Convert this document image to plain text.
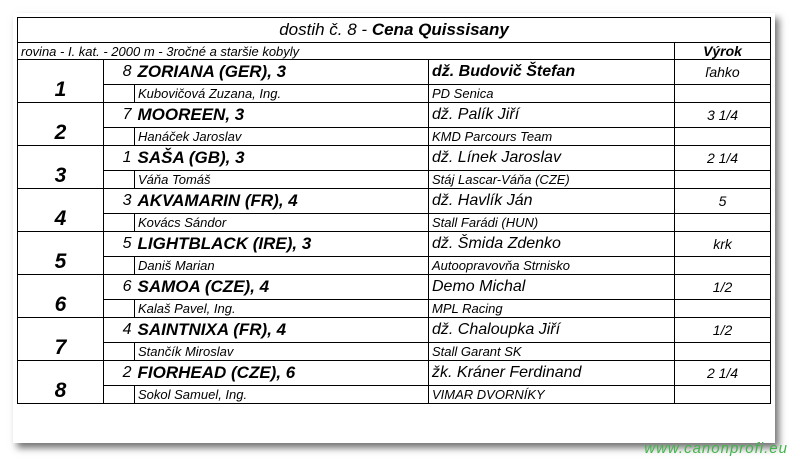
dostih č. 8 - Cena Quissisany				
rovina - I. kat. - 2000 m - 3ročné a staršie kobyly				Výrok
1	8	ZORIANA (GER), 3	dž. Budovič Štefan	ľahko
		Kubovičová Zuzana, Ing.	PD Senica	
2	7	MOOREEN, 3	dž. Palík Jiří	3 1/4
		Hanáček Jaroslav	KMD Parcours Team	
3	1	SAŠA (GB), 3	dž. Línek Jaroslav	2 1/4
		Váňa Tomáš	Stáj Lascar-Váňa (CZE)	
4	3	AKVAMARIN (FR), 4	dž. Havlík Ján	5
		Kovács Sándor	Stall Farádi (HUN)	
5	5	LIGHTBLACK (IRE), 3	dž. Šmida Zdenko	krk
		Daniš Marian	Autoopravovňa Strnisko	
6	6	SAMOA (CZE), 4	Demo Michal	1/2
		Kalaš Pavel, Ing.	MPL Racing	
7	4	SAINTNIXA (FR), 4	dž. Chaloupka Jiří	1/2
		Stančík Miroslav	Stall Garant SK	
8	2	FIORHEAD (CZE), 6	žk. Kráner Ferdinand	2 1/4
		Sokol Samuel, Ing.	VIMAR DVORNÍKY	
www.canonprofi.eu
